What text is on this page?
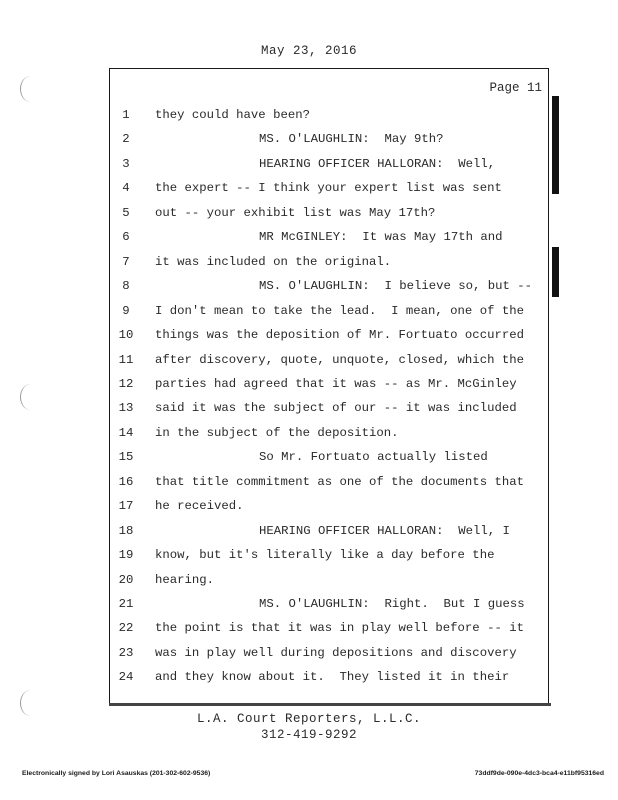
May 23, 2016
Page 11
1	they could have been?
2	MS. O'LAUGHLIN:  May 9th?
3	HEARING OFFICER HALLORAN:  Well,
4	the expert -- I think your expert list was sent
5	out -- your exhibit list was May 17th?
6	MR McGINLEY:  It was May 17th and
7	it was included on the original.
8	MS. O'LAUGHLIN:  I believe so, but --
9	I don't mean to take the lead.  I mean, one of the
10	things was the deposition of Mr. Fortuato occurred
11	after discovery, quote, unquote, closed, which the
12	parties had agreed that it was -- as Mr. McGinley
13	said it was the subject of our -- it was included
14	in the subject of the deposition.
15	So Mr. Fortuato actually listed
16	that title commitment as one of the documents that
17	he received.
18	HEARING OFFICER HALLORAN:  Well, I
19	know, but it's literally like a day before the
20	hearing.
21	MS. O'LAUGHLIN:  Right.  But I guess
22	the point is that it was in play well before -- it
23	was in play well during depositions and discovery
24	and they know about it.  They listed it in their
L.A. Court Reporters, L.L.C.
312-419-9292
Electronically signed by Lori Asauskas (201-302-602-9536)	73ddf9de-090e-4dc3-bca4-e11bf95316ed
